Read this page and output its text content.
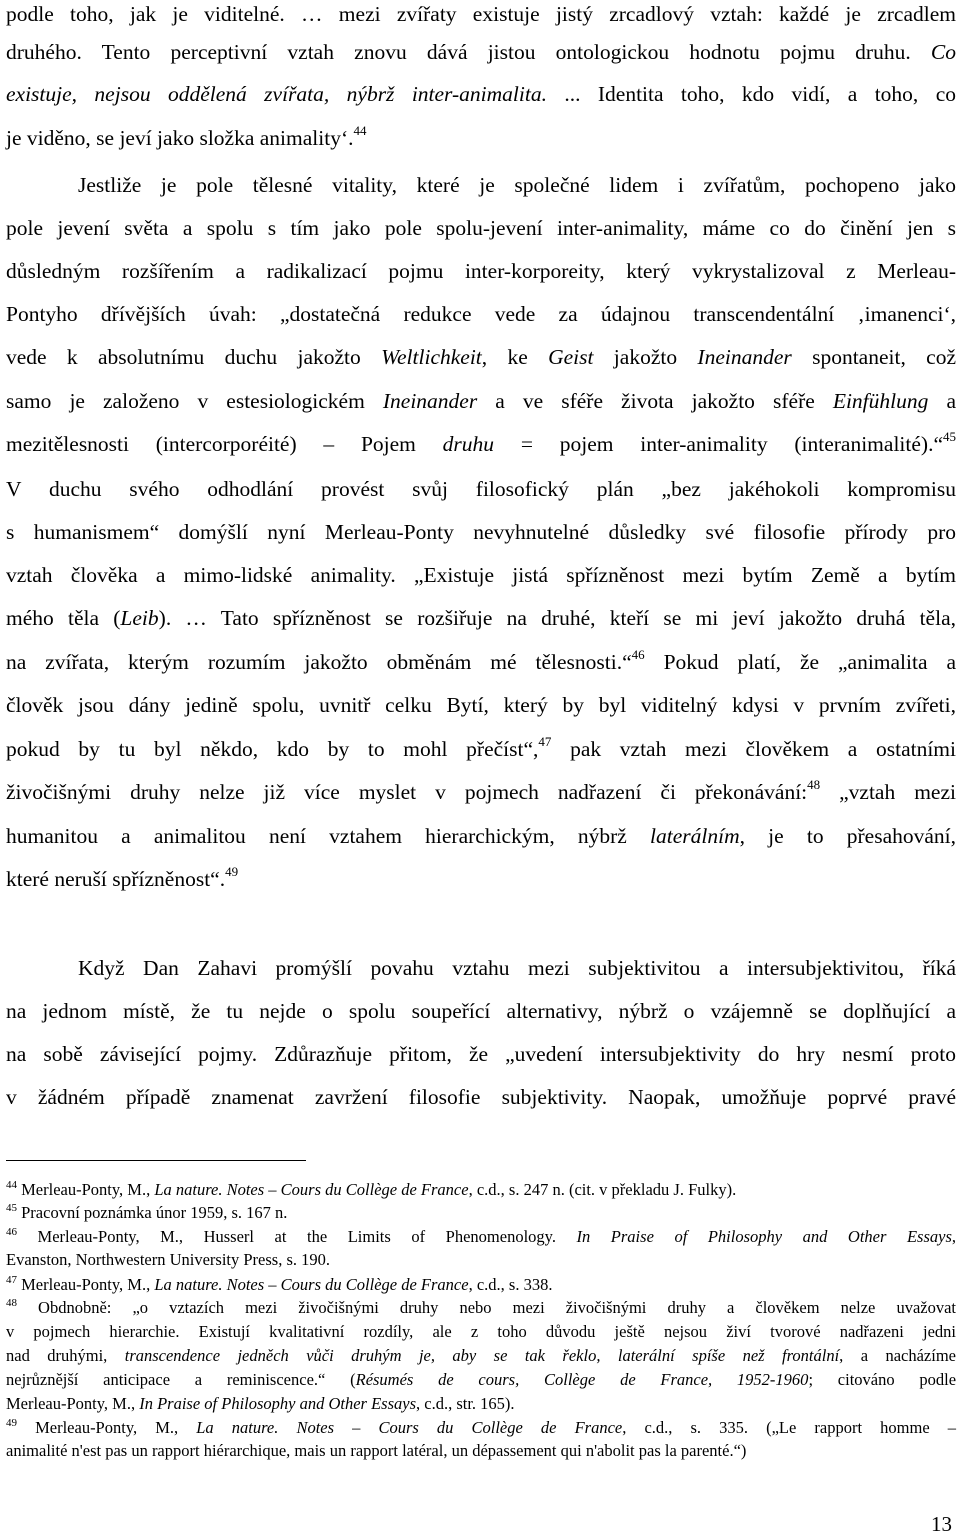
podle toho, jak je viditelné. … mezi zvířaty existuje jistý zrcadlový vztah: každé je zrcadlem
druhého. Tento perceptivní vztah znovu dává jistou ontologickou hodnotu pojmu druhu. Co
existuje, nejsou oddělená zvířata, nýbrž inter-animalita. ... Identita toho, kdo vidí, a toho, co
je viděno, se jeví jako složka animality‘.$^{44}$
Jestliže je pole tělesné vitality, které je společné lidem i zvířatům, pochopeno jako
pole jevení světa a spolu s tím jako pole spolu-jevení inter-animality, máme co do činění jen s
důsledným rozšířením a radikalizací pojmu inter-korporeity, který vykrystalizoval z Merleau-
Pontyho dřívějších úvah: „dostatečná redukce vede za údajnou transcendentální ‚imanenci‘,
vede k absolutnímu duchu jakožto Weltlichkeit, ke Geist jakožto Ineinander spontaneit, což
samo je založeno v estesiologickém Ineinander a ve sféře života jakožto sféře Einfühlung a
mezitělesnosti (intercorporéité) ‒ Pojem druhu = pojem inter-animality (interanimalité).“$^{45}$
V duchu svého odhodlání provést svůj filosofický plán „bez jakéhokoli kompromisu
s humanismem“ domýšlí nyní Merleau-Ponty nevyhnutelné důsledky své filosofie přírody pro
vztah člověka a mimo-lidské animality. „Existuje jistá spřízněnost mezi bytím Země a bytím
mého těla (Leib). … Tato spřízněnost se rozšiřuje na druhé, kteří se mi jeví jakožto druhá těla,
na zvířata, kterým rozumím jakožto obměnám mé tělesnosti.“$^{46}$ Pokud platí, že „animalita a
člověk jsou dány jedině spolu, uvnitř celku Bytí, který by byl viditelný kdysi v prvním zvířeti,
pokud by tu byl někdo, kdo by to mohl přečíst“,$^{47}$ pak vztah mezi člověkem a ostatními
živočišnými druhy nelze již více myslet v pojmech nadřazení či překonávání:$^{48}$ „vztah mezi
humanitou a animalitou není vztahem hierarchickým, nýbrž laterálním, je to přesahování,
které neruší spřízněnost“.$^{49}$
Když Dan Zahavi promýšlí povahu vztahu mezi subjektivitou a intersubjektivitou, říká
na jednom místě, že tu nejde o spolu soupeřící alternativy, nýbrž o vzájemně se doplňující a
na sobě závisející pojmy. Zdůrazňuje přitom, že „uvedení intersubjektivity do hry nesmí proto
v žádném případě znamenat zavržení filosofie subjektivity. Naopak, umožňuje poprvé pravé
$^{44}$ Merleau-Ponty, M., La nature. Notes – Cours du Collège de France, c.d., s. 247 n. (cit. v překladu J. Fulky).
$^{45}$ Pracovní poznámka únor 1959, s. 167 n.
$^{46}$ Merleau-Ponty, M., Husserl at the Limits of Phenomenology. In Praise of Philosophy and Other Essays,
Evanston, Northwestern University Press, s. 190.
$^{47}$ Merleau-Ponty, M., La nature. Notes – Cours du Collège de France, c.d., s. 338.
$^{48}$ Obdnobně: „o vztazích mezi živočišnými druhy nebo mezi živočišnými druhy a člověkem nelze uvažovat
v pojmech hierarchie. Existují kvalitativní rozdíly, ale z toho důvodu ještě nejsou živí tvorové nadřazeni jedni
nad druhými, transcendence jedněch vůči druhým je, aby se tak řeklo, laterální spíše než frontální, a nacházíme
nejrůznější anticipace a reminiscence.“ (Résumés de cours, Collège de France, 1952-1960; citováno podle
Merleau-Ponty, M., In Praise of Philosophy and Other Essays, c.d., str. 165).
$^{49}$ Merleau-Ponty, M., La nature. Notes – Cours du Collège de France, c.d., s. 335. („Le rapport homme –
animalité n'est pas un rapport hiérarchique, mais un rapport latéral, un dépassement qui n'abolit pas la parenté.“)
13
